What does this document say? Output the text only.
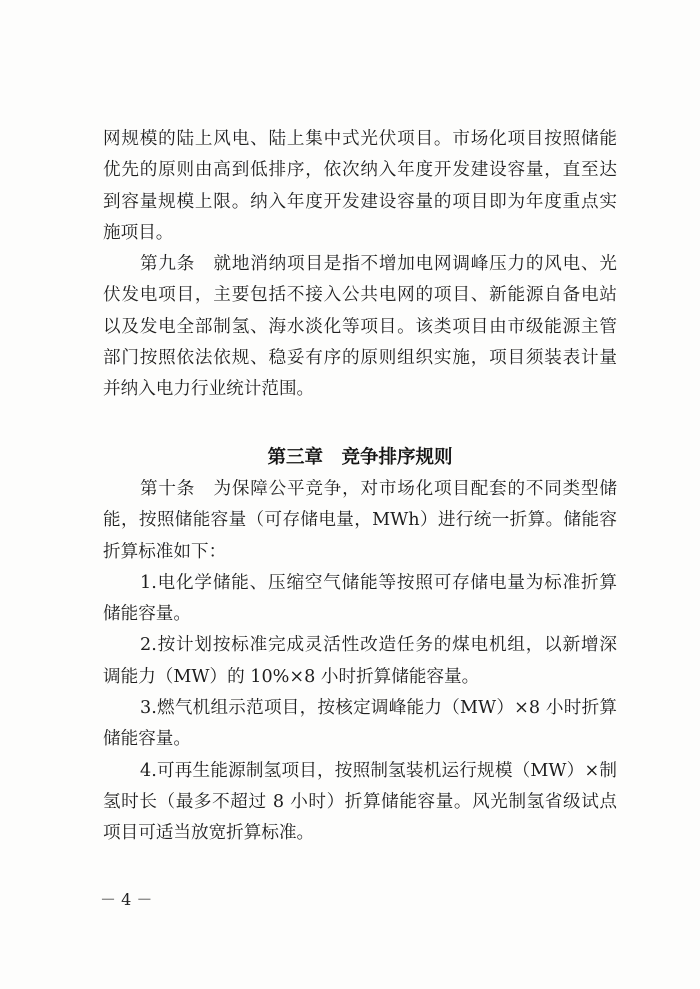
网规模的陆上风电、陆上集中式光伏项目。市场化项目按照储能
优先的原则由高到低排序，依次纳入年度开发建设容量，直至达
到容量规模上限。纳入年度开发建设容量的项目即为年度重点实
施项目。
第九条　就地消纳项目是指不增加电网调峰压力的风电、光
伏发电项目，主要包括不接入公共电网的项目、新能源自备电站
以及发电全部制氢、海水淡化等项目。该类项目由市级能源主管
部门按照依法依规、稳妥有序的原则组织实施，项目须装表计量
并纳入电力行业统计范围。
第三章　竞争排序规则
第十条　为保障公平竞争，对市场化项目配套的不同类型储
能，按照储能容量（可存储电量，MWh）进行统一折算。储能容
折算标准如下：
1.电化学储能、压缩空气储能等按照可存储电量为标准折算
储能容量。
2.按计划按标准完成灵活性改造任务的煤电机组，以新增深
调能力（MW）的 10%×8 小时折算储能容量。
3.燃气机组示范项目，按核定调峰能力（MW）×8 小时折算
储能容量。
4.可再生能源制氢项目，按照制氢装机运行规模（MW）×制
氢时长（最多不超过 8 小时）折算储能容量。风光制氢省级试点
项目可适当放宽折算标准。
－ 4 －
